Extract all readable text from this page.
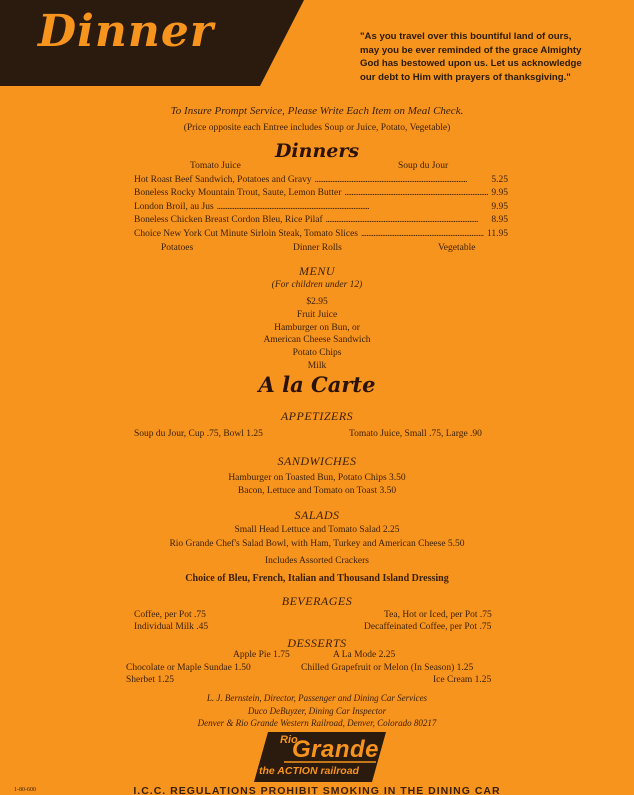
Dinner	"As you travel over this bountiful land of ours,
may you be ever reminded of the grace Almighty
God has bestowed upon us. Let us acknowledge
our debt to Him with prayers of thanksgiving."
To Insure Prompt Service, Please Write Each Item on Meal Check.
(Price opposite each Entree includes Soup or Juice, Potato, Vegetable)
Dinners
Tomato Juice	Soup du Jour
Hot Roast Beef Sandwich, Potatoes and Gravy . . .	5.25
Boneless Rocky Mountain Trout, Saute, Lemon Butter . . .	9.95
London Broil, au Jus . . .	9.95
Boneless Chicken Breast Cordon Bleu, Rice Pilaf . . .	8.95
Choice New York Cut Minute Sirloin Steak, Tomato Slices . . .	11.95
Potatoes	Dinner Rolls	Vegetable
MENU
(For children under 12)
$2.95
Fruit Juice
Hamburger on Bun, or
American Cheese Sandwich
Potato Chips
Milk
A la Carte
APPETIZERS
Soup du Jour, Cup .75, Bowl 1.25	Tomato Juice, Small .75, Large .90
SANDWICHES
Hamburger on Toasted Bun, Potato Chips 3.50
Bacon, Lettuce and Tomato on Toast 3.50
SALADS
Small Head Lettuce and Tomato Salad 2.25
Rio Grande Chef's Salad Bowl, with Ham, Turkey and American Cheese 5.50
Includes Assorted Crackers
Choice of Bleu, French, Italian and Thousand Island Dressing
BEVERAGES
Coffee, per Pot .75	Tea, Hot or Iced, per Pot .75
Individual Milk .45	Decaffeinated Coffee, per Pot .75
DESSERTS
Apple Pie 1.75	A La Mode 2.25
Chocolate or Maple Sundae 1.50	Chilled Grapefruit or Melon (In Season) 1.25
Sherbet 1.25	Ice Cream 1.25
L. J. Bernstein, Director, Passenger and Dining Car Services
Duco DeBuyzer, Dining Car Inspector
Denver & Rio Grande Western Railroad, Denver, Colorado 80217
Rio
Grande
the ACTION railroad
1-80-600	I.C.C. REGULATIONS PROHIBIT SMOKING IN THE DINING CAR
